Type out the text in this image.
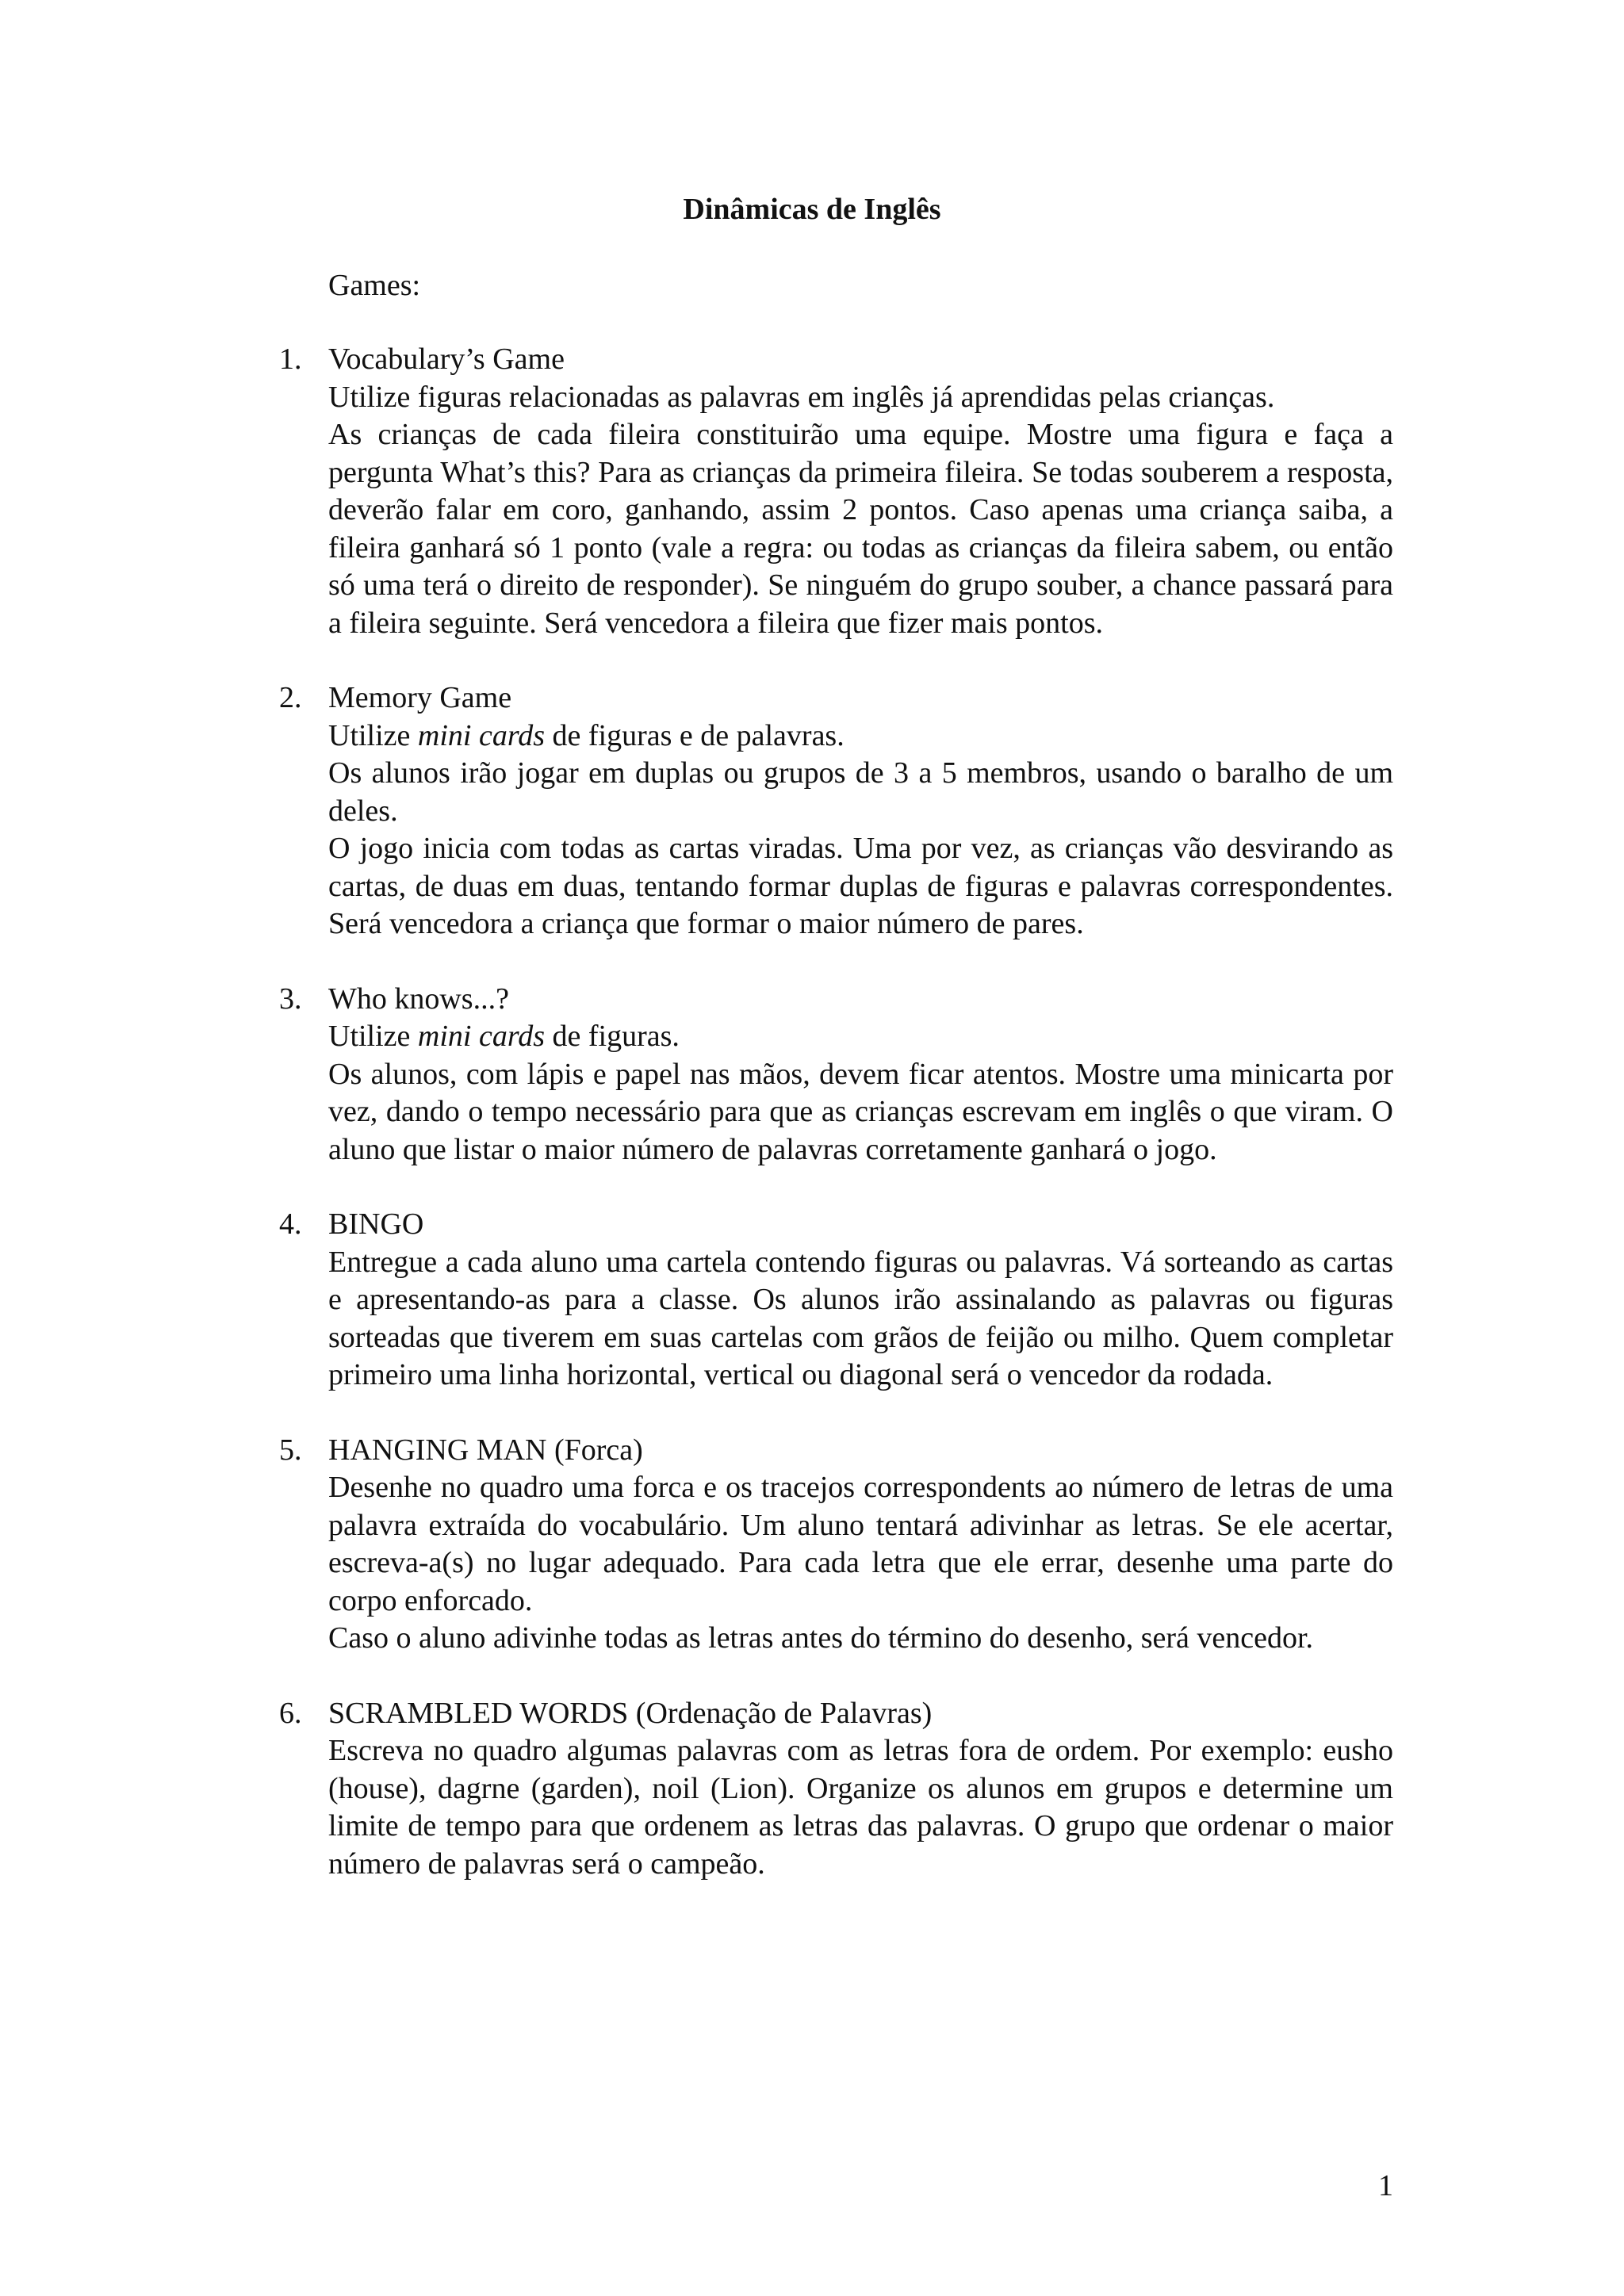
Dinâmicas de Inglês
Games:
1. Vocabulary’s Game
Utilize figuras relacionadas as palavras em inglês já aprendidas pelas crianças.
As crianças de cada fileira constituirão uma equipe. Mostre uma figura e faça a pergunta What’s this? Para as crianças da primeira fileira. Se todas souberem a resposta, deverão falar em coro, ganhando, assim 2 pontos. Caso apenas uma criança saiba, a fileira ganhará só 1 ponto (vale a regra: ou todas as crianças da fileira sabem, ou então só uma terá o direito de responder). Se ninguém do grupo souber, a chance passará para a fileira seguinte. Será vencedora a fileira que fizer mais pontos.
2. Memory Game
Utilize mini cards de figuras e de palavras.
Os alunos irão jogar em duplas ou grupos de 3 a 5 membros, usando o baralho de um deles.
O jogo inicia com todas as cartas viradas. Uma por vez, as crianças vão desvirando as cartas, de duas em duas, tentando formar duplas de figuras e palavras correspondentes. Será vencedora a criança que formar o maior número de pares.
3. Who knows...?
Utilize mini cards de figuras.
Os alunos, com lápis e papel nas mãos, devem ficar atentos. Mostre uma minicarta por vez, dando o tempo necessário para que as crianças escrevam em inglês o que viram. O aluno que listar o maior número de palavras corretamente ganhará o jogo.
4. BINGO
Entregue a cada aluno uma cartela contendo figuras ou palavras. Vá sorteando as cartas e apresentando-as para a classe. Os alunos irão assinalando as palavras ou figuras sorteadas que tiverem em suas cartelas com grãos de feijão ou milho. Quem completar primeiro uma linha horizontal, vertical ou diagonal será o vencedor da rodada.
5. HANGING MAN (Forca)
Desenhe no quadro uma forca e os tracejos correspondents ao número de letras de uma palavra extraída do vocabulário. Um aluno tentará adivinhar as letras. Se ele acertar, escreva-a(s) no lugar adequado. Para cada letra que ele errar, desenhe uma parte do corpo enforcado.
Caso o aluno adivinhe todas as letras antes do término do desenho, será vencedor.
6. SCRAMBLED WORDS (Ordenação de Palavras)
Escreva no quadro algumas palavras com as letras fora de ordem. Por exemplo: eusho (house), dagrne (garden), noil (Lion). Organize os alunos em grupos e determine um limite de tempo para que ordenem as letras das palavras. O grupo que ordenar o maior número de palavras será o campeão.
1
